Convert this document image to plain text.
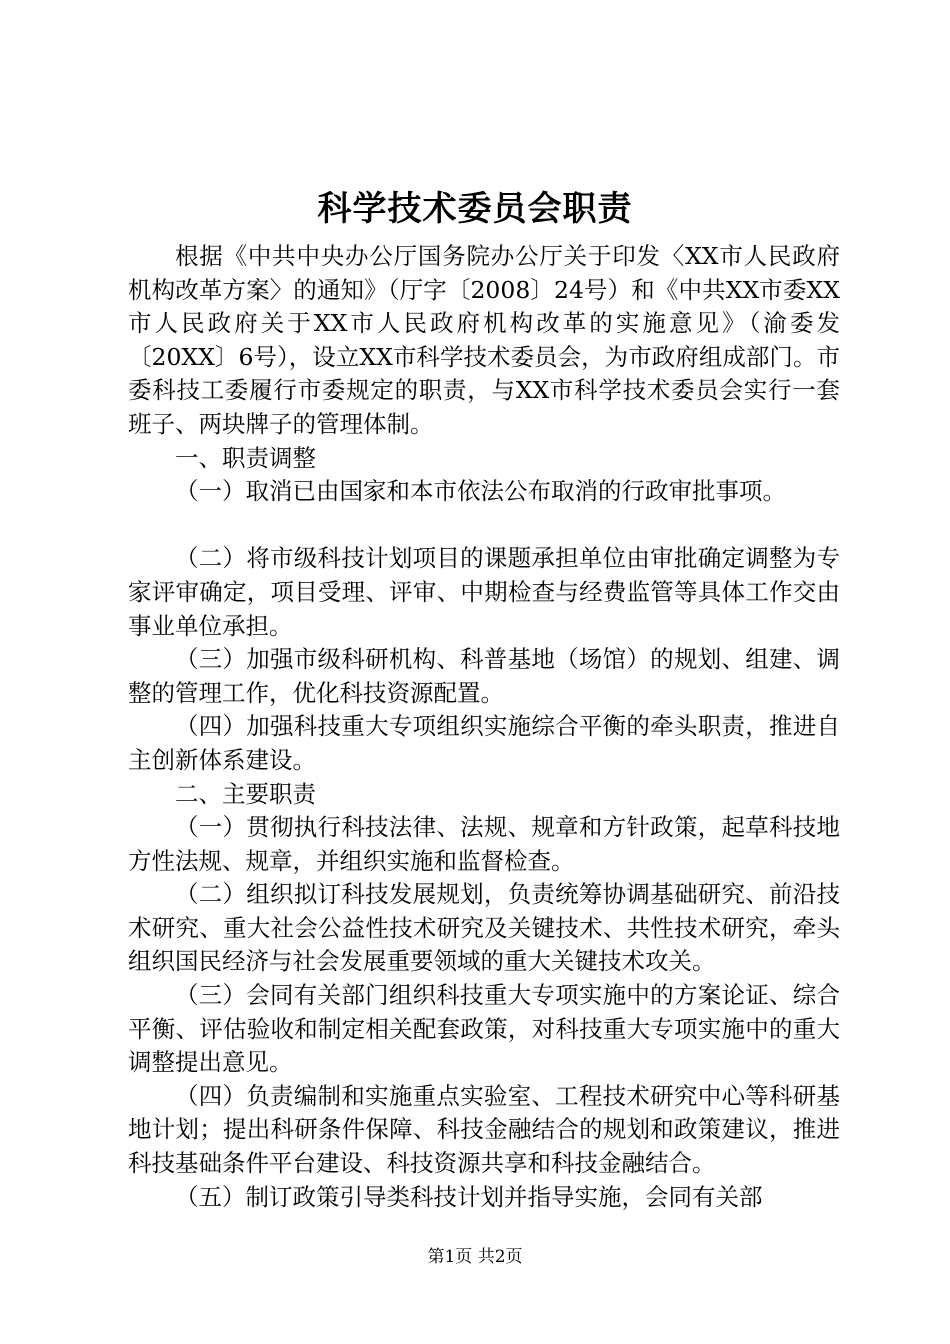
科学技术委员会职责

根据《中共中央办公厅国务院办公厅关于印发〈XX市人民政府机构改革方案〉的通知》（厅字〔2008〕24号）和《中共XX市委XX市人民政府关于XX市人民政府机构改革的实施意见》（渝委发〔20XX〕6号），设立XX市科学技术委员会，为市政府组成部门。市委科技工委履行市委规定的职责，与XX市科学技术委员会实行一套班子、两块牌子的管理体制。

一、职责调整

（一）取消已由国家和本市依法公布取消的行政审批事项。

（二）将市级科技计划项目的课题承担单位由审批确定调整为专家评审确定，项目受理、评审、中期检查与经费监管等具体工作交由事业单位承担。

（三）加强市级科研机构、科普基地（场馆）的规划、组建、调整的管理工作，优化科技资源配置。

（四）加强科技重大专项组织实施综合平衡的牵头职责，推进自主创新体系建设。

二、主要职责

（一）贯彻执行科技法律、法规、规章和方针政策，起草科技地方性法规、规章，并组织实施和监督检查。

（二）组织拟订科技发展规划，负责统筹协调基础研究、前沿技术研究、重大社会公益性技术研究及关键技术、共性技术研究，牵头组织国民经济与社会发展重要领域的重大关键技术攻关。

（三）会同有关部门组织科技重大专项实施中的方案论证、综合平衡、评估验收和制定相关配套政策，对科技重大专项实施中的重大调整提出意见。

（四）负责编制和实施重点实验室、工程技术研究中心等科研基地计划；提出科研条件保障、科技金融结合的规划和政策建议，推进科技基础条件平台建设、科技资源共享和科技金融结合。

（五）制订政策引导类科技计划并指导实施，会同有关部

第1页 共2页
